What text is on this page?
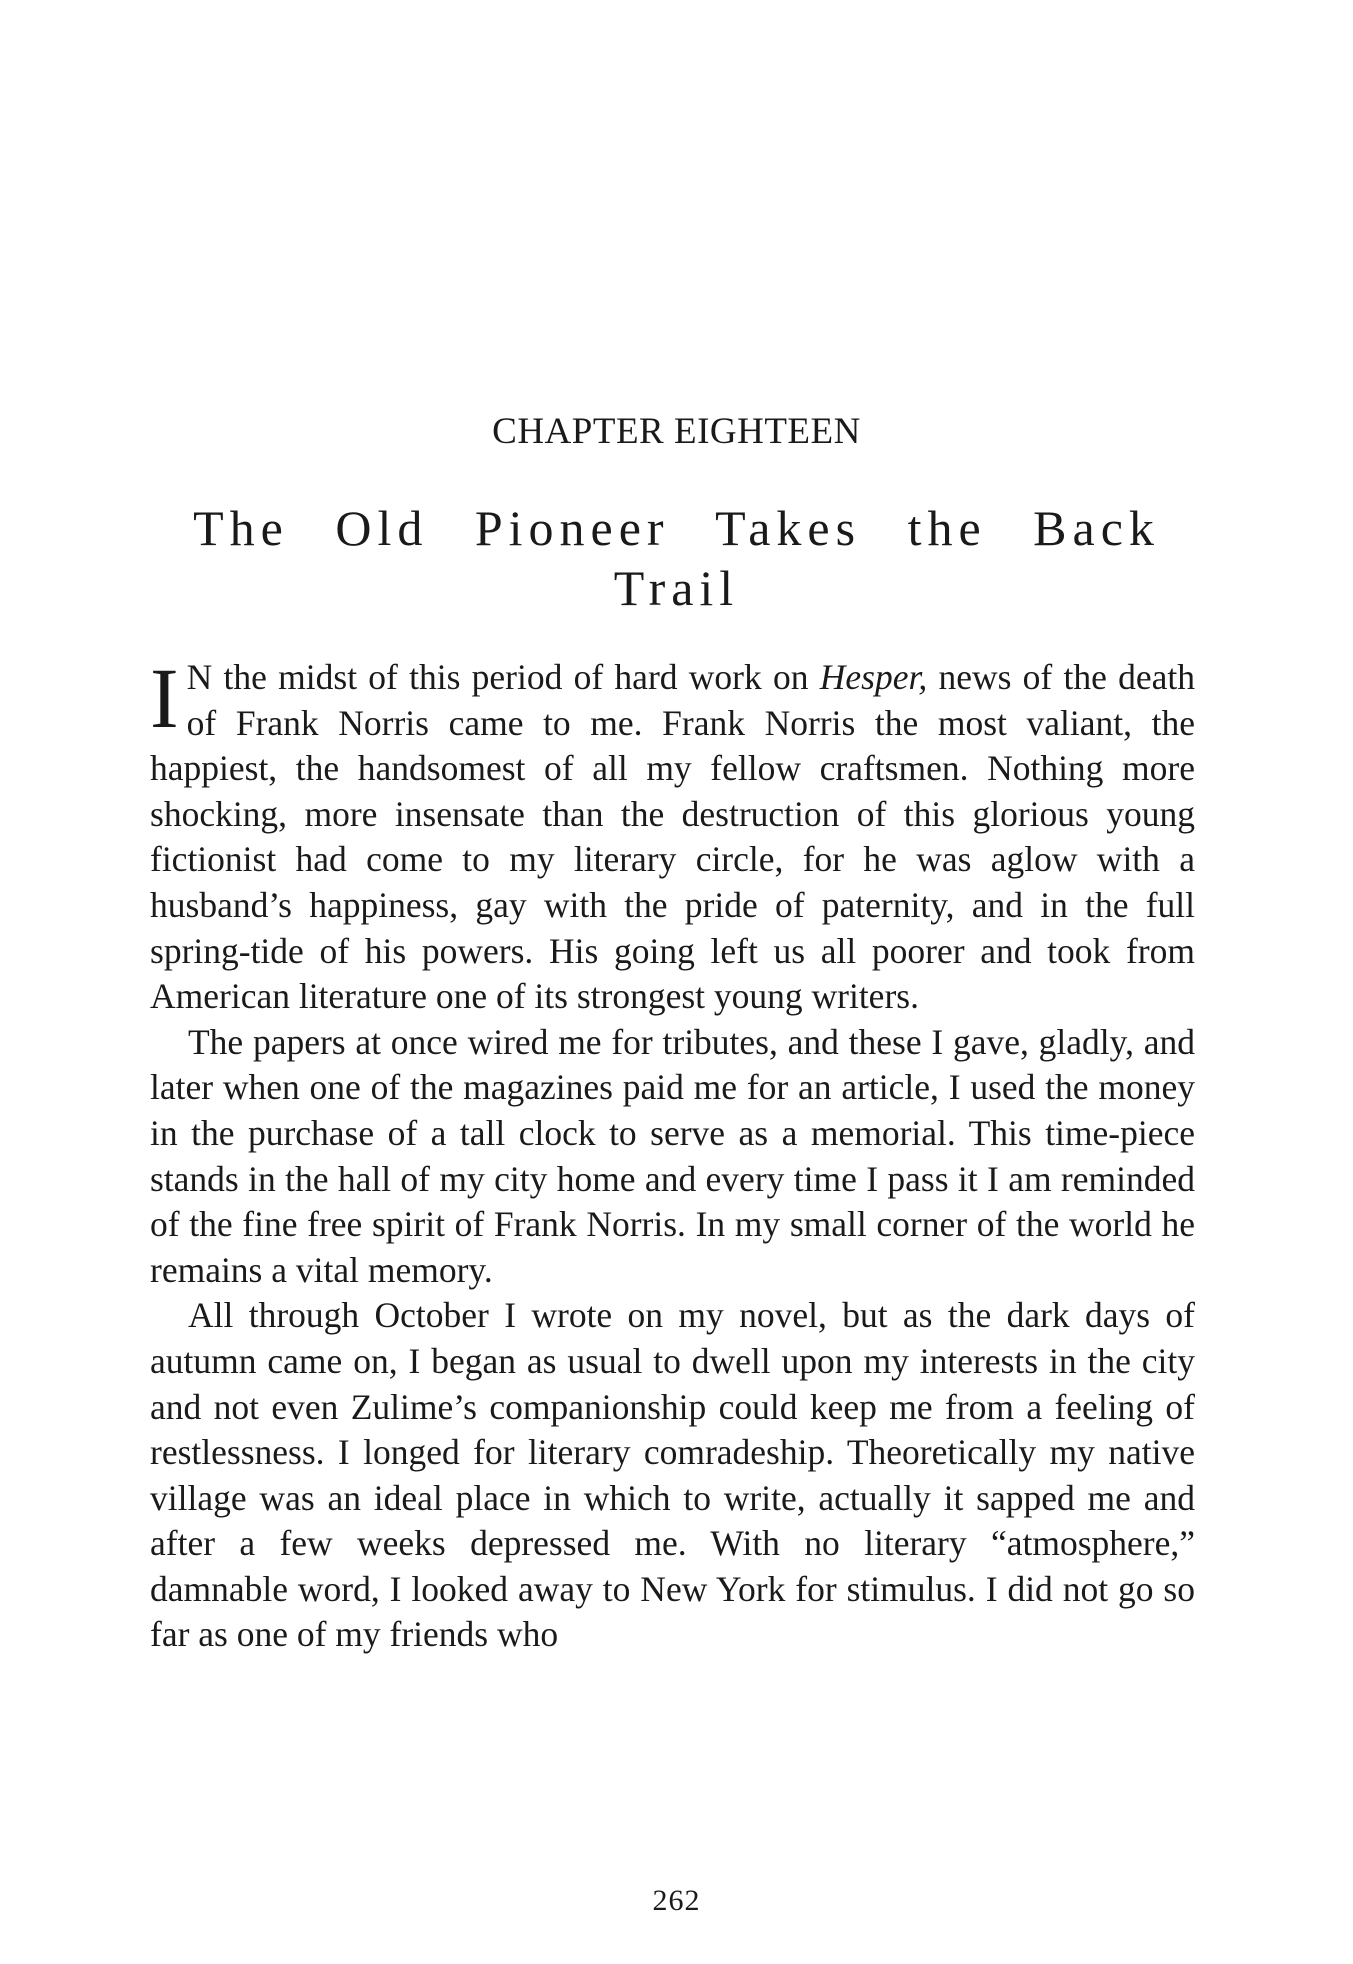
CHAPTER EIGHTEEN
The Old Pioneer Takes the Back Trail

I N the midst of this period of hard work on Hesper, news of the death of Frank Norris came to me. Frank Norris the most valiant, the happiest, the handsomest of all my fellow craftsmen. Nothing more shocking, more insensate than the destruction of this glorious young fictionist had come to my literary circle, for he was aglow with a husband’s happiness, gay with the pride of paternity, and in the full spring-tide of his powers. His going left us all poorer and took from American literature one of its strongest young writers.

The papers at once wired me for tributes, and these I gave, gladly, and later when one of the magazines paid me for an article, I used the money in the purchase of a tall clock to serve as a memorial. This time-piece stands in the hall of my city home and every time I pass it I am reminded of the fine free spirit of Frank Norris. In my small corner of the world he remains a vital memory.

All through October I wrote on my novel, but as the dark days of autumn came on, I began as usual to dwell upon my interests in the city and not even Zulime’s companionship could keep me from a feeling of restlessness. I longed for literary comradeship. Theoretically my native village was an ideal place in which to write, actually it sapped me and after a few weeks depressed me. With no literary “atmosphere,” damnable word, I looked away to New York for stimulus. I did not go so far as one of my friends who

262
